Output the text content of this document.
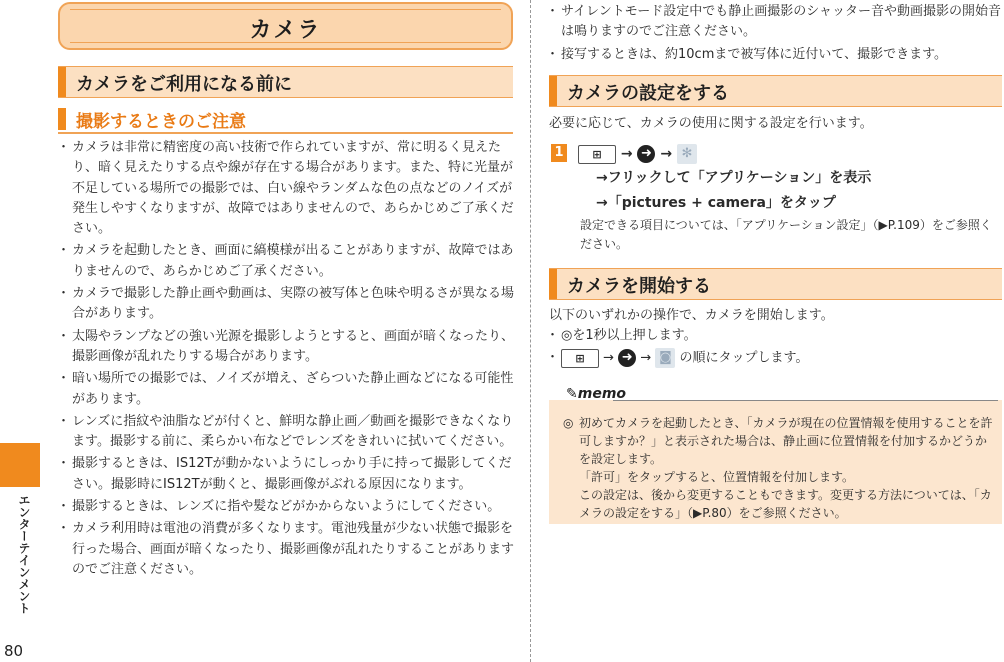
エンターテインメント
80
カメラ
カメラをご利用になる前に
撮影するときのご注意
・ カメラは非常に精密度の高い技術で作られていますが、常に明るく見えたり、暗く見えたりする点や線が存在する場合があります。また、特に光量が不足している場所での撮影では、白い線やランダムな色の点などのノイズが発生しやすくなりますが、故障ではありませんので、あらかじめご了承ください。
・ カメラを起動したとき、画面に縞模様が出ることがありますが、故障ではありませんので、あらかじめご了承ください。
・ カメラで撮影した静止画や動画は、実際の被写体と色味や明るさが異なる場合があります。
・ 太陽やランプなどの強い光源を撮影しようとすると、画面が暗くなったり、撮影画像が乱れたりする場合があります。
・ 暗い場所での撮影では、ノイズが増え、ざらついた静止画などになる可能性があります。
・ レンズに指紋や油脂などが付くと、鮮明な静止画／動画を撮影できなくなります。撮影する前に、柔らかい布などでレンズをきれいに拭いてください。
・ 撮影するときは、IS12Tが動かないようにしっかり手に持って撮影してください。撮影時にIS12Tが動くと、撮影画像がぶれる原因になります。
・ 撮影するときは、レンズに指や髪などがかからないようにしてください。
・ カメラ利用時は電池の消費が多くなります。電池残量が少ない状態で撮影を行った場合、画面が暗くなったり、撮影画像が乱れたりすることがありますのでご注意ください。
・ サイレントモード設定中でも静止画撮影のシャッター音や動画撮影の開始音は鳴りますのでご注意ください。
・ 接写するときは、約10cmまで被写体に近付いて、撮影できます。
カメラの設定をする
必要に応じて、カメラの使用に関する設定を行います。
1	⊞ → ➜ → ✻
→フリックして「アプリケーション」を表示
→「pictures + camera」をタップ
設定できる項目については、「アプリケーション設定」（▶P.109）をご参照ください。
カメラを開始する
以下のいずれかの操作で、カメラを開始します。
・ ◎を1秒以上押します。
・ ⊞ → ➜ → ◙ の順にタップします。
✎memo
◎ 初めてカメラを起動したとき、「カメラが現在の位置情報を使用することを許可しますか？」と表示された場合は、静止画に位置情報を付加するかどうかを設定します。
「許可」をタップすると、位置情報を付加します。
この設定は、後から変更することもできます。変更する方法については、「カメラの設定をする」（▶P.80）をご参照ください。
